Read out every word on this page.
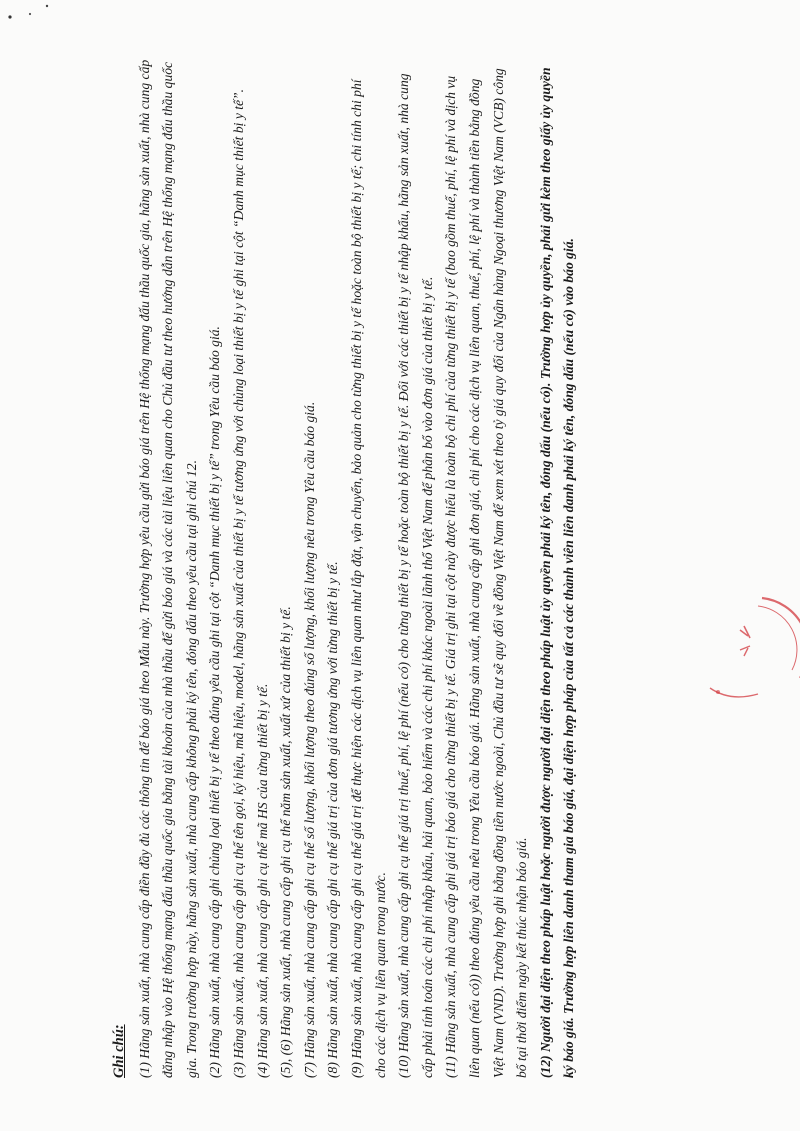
Ghi chú: (1) Hãng sản xuất, nhà cung cấp điền đầy đủ các thông tin để báo giá theo Mẫu này. Trường hợp yêu cầu gửi báo giá trên Hệ thống mạng đấu thầu quốc gia, hãng sản xuất, nhà cung cấp đăng nhập vào Hệ thống mạng đấu thầu quốc gia bằng tài khoản của nhà thầu để gửi báo giá và các tài liệu liên quan cho Chủ đầu tư theo hướng dẫn trên Hệ thống mạng đấu thầu quốc gia. Trong trường hợp này, hãng sản xuất, nhà cung cấp không phải ký tên, đóng dấu theo yêu cầu tại ghi chú 12. (2) Hãng sản xuất, nhà cung cấp ghi chủng loại thiết bị y tế theo đúng yêu cầu ghi tại cột “Danh mục thiết bị y tế” trong Yêu cầu báo giá. (3) Hãng sản xuất, nhà cung cấp ghi cụ thể tên gọi, ký hiệu, mã hiệu, model, hãng sản xuất của thiết bị y tế tương ứng với chủng loại thiết bị y tế ghi tại cột “Danh mục thiết bị y tế”. (4) Hãng sản xuất, nhà cung cấp ghi cụ thể mã HS của từng thiết bị y tế. (5), (6) Hãng sản xuất, nhà cung cấp ghi cụ thể năm sản xuất, xuất xứ của thiết bị y tế. (7) Hãng sản xuất, nhà cung cấp ghi cụ thể số lượng, khối lượng theo đúng số lượng, khối lượng nêu trong Yêu cầu báo giá. (8) Hãng sản xuất, nhà cung cấp ghi cụ thể giá trị của đơn giá tương ứng với từng thiết bị y tế. (9) Hãng sản xuất, nhà cung cấp ghi cụ thể giá trị để thực hiện các dịch vụ liên quan như lắp đặt, vận chuyển, bảo quản cho từng thiết bị y tế hoặc toàn bộ thiết bị y tế; chi tính chi phí cho các dịch vụ liên quan trong nước. (10) Hãng sản xuất, nhà cung cấp ghi cụ thể giá trị thuế, phí, lệ phí (nếu có) cho từng thiết bị y tế hoặc toàn bộ thiết bị y tế. Đối với các thiết bị y tế nhập khẩu, hãng sản xuất, nhà cung cấp phải tính toán các chi phí nhập khẩu, hải quan, bảo hiểm và các chi phí khác ngoài lãnh thổ Việt Nam để phân bổ vào đơn giá của thiết bị y tế. (11) Hãng sản xuất, nhà cung cấp ghi giá trị báo giá cho từng thiết bị y tế. Giá trị ghi tại cột này được hiểu là toàn bộ chi phí của từng thiết bị y tế (bao gồm thuế, phí, lệ phí và dịch vụ liên quan (nếu có)) theo đúng yêu cầu nêu trong Yêu cầu báo giá. Hãng sản xuất, nhà cung cấp ghi đơn giá, chi phí cho các dịch vụ liên quan, thuế, phí, lệ phí và thành tiền bằng đồng Việt Nam (VND). Trường hợp ghi bằng đồng tiền nước ngoài, Chủ đầu tư sẽ quy đổi về đồng Việt Nam để xem xét theo tỷ giá quy đổi của Ngân hàng Ngoại thương Việt Nam (VCB) công bố tại thời điểm ngày kết thúc nhận báo giá. (12) Người đại diện theo pháp luật hoặc người được người đại diện theo pháp luật ủy quyền phải ký tên, đóng dấu (nếu có). Trường hợp ủy quyền, phải gửi kèm theo giấy ủy quyền ký báo giá. Trường hợp liên danh tham gia báo giá, đại diện hợp pháp của tất cả các thành viên liên danh phải ký tên, đóng dấu (nếu có) vào báo giá.
